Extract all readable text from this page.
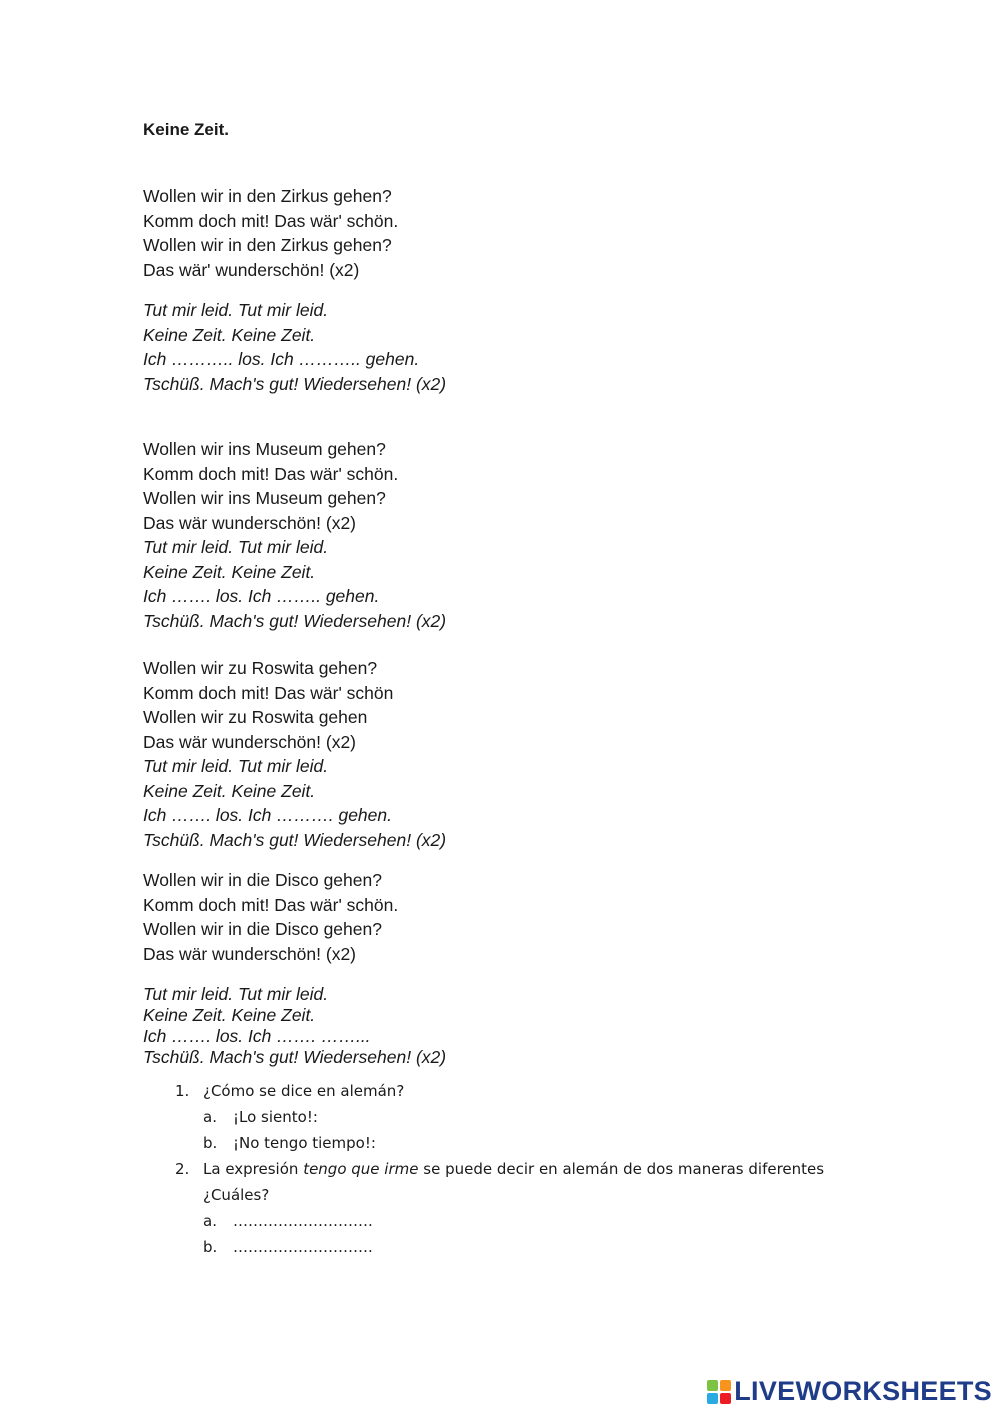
Keine Zeit.
Wollen wir in den Zirkus gehen?
Komm doch mit! Das wär' schön.
Wollen wir in den Zirkus gehen?
Das wär' wunderschön! (x2)
Tut mir leid. Tut mir leid.
Keine Zeit. Keine Zeit.
Ich ……….. los. Ich ……….. gehen.
Tschüß. Mach's gut! Wiedersehen! (x2)
Wollen wir ins Museum gehen?
Komm doch mit! Das wär' schön.
Wollen wir ins Museum gehen?
Das wär wunderschön! (x2)
Tut mir leid. Tut mir leid.
Keine Zeit. Keine Zeit.
Ich ……. los. Ich …….. gehen.
Tschüß. Mach's gut! Wiedersehen! (x2)
Wollen wir zu Roswita gehen?
Komm doch mit! Das wär' schön
Wollen wir zu Roswita gehen
Das wär wunderschön! (x2)
Tut mir leid. Tut mir leid.
Keine Zeit. Keine Zeit.
Ich ……. los. Ich ………. gehen.
Tschüß. Mach's gut! Wiedersehen! (x2)
Wollen wir in die Disco gehen?
Komm doch mit! Das wär' schön.
Wollen wir in die Disco gehen?
Das wär wunderschön! (x2)
Tut mir leid. Tut mir leid.
Keine Zeit. Keine Zeit.
Ich ……. los. Ich ……. ……...
Tschüß. Mach's gut! Wiedersehen! (x2)
1. ¿Cómo se dice en alemán?
a. ¡Lo siento!:
b. ¡No tengo tiempo!:
2. La expresión tengo que irme se puede decir en alemán de dos maneras diferentes
¿Cuáles?
a. ……………………….
b. ……………………….
LIVEWORKSHEETS
